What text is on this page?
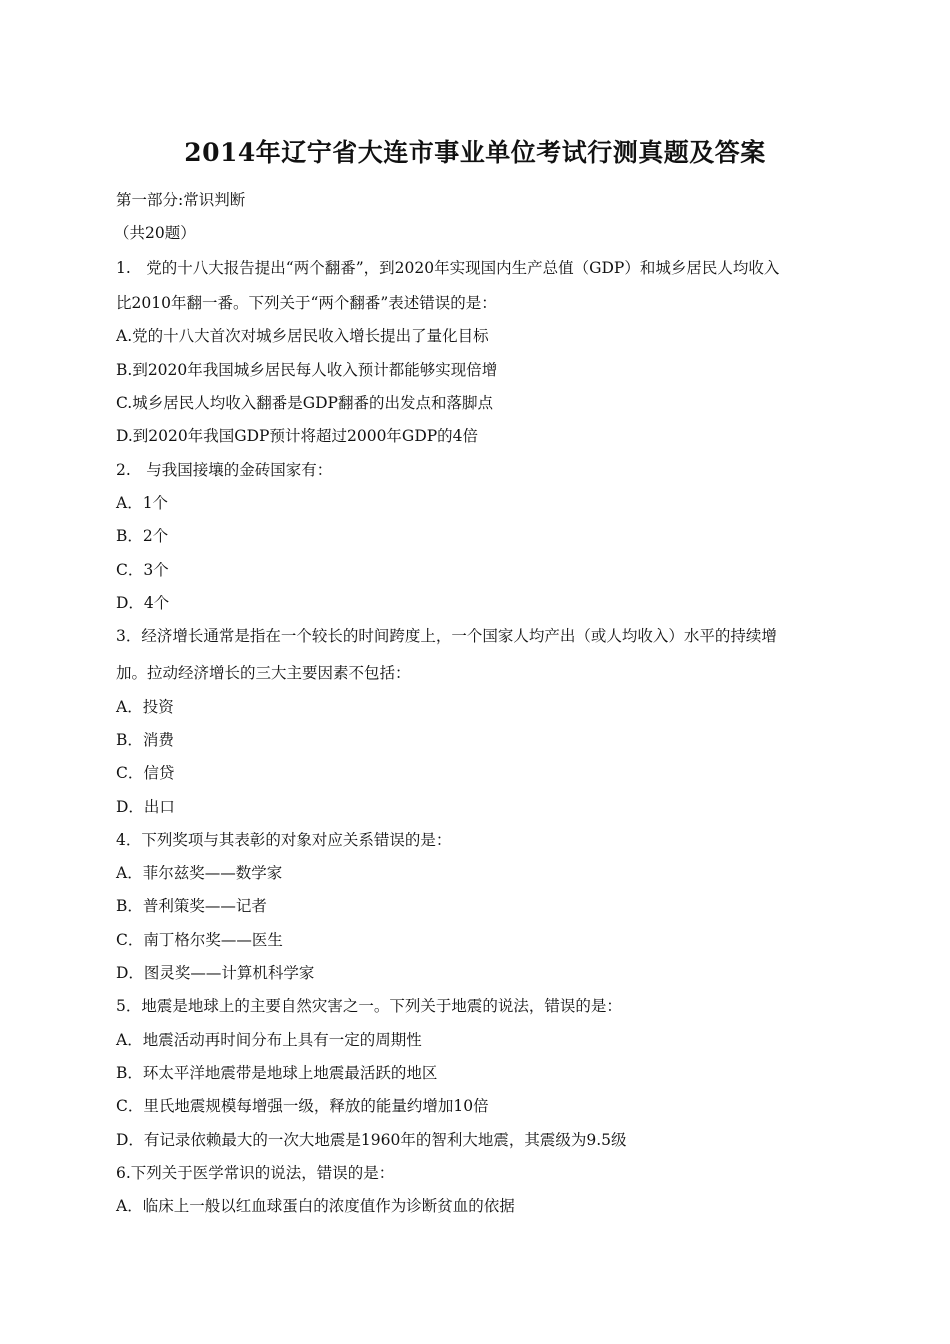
2014年辽宁省大连市事业单位考试行测真题及答案
第一部分:常识判断
（共20题）
1.　党的十八大报告提出“两个翻番”，到2020年实现国内生产总值（GDP）和城乡居民人均收入
比2010年翻一番。下列关于“两个翻番”表述错误的是：
A.党的十八大首次对城乡居民收入增长提出了量化目标
B.到2020年我国城乡居民每人收入预计都能够实现倍增
C.城乡居民人均收入翻番是GDP翻番的出发点和落脚点
D.到2020年我国GDP预计将超过2000年GDP的4倍
2.　与我国接壤的金砖国家有：
A．1个
B．2个
C．3个
D．4个
3．经济增长通常是指在一个较长的时间跨度上，一个国家人均产出（或人均收入）水平的持续增
加。拉动经济增长的三大主要因素不包括：
A．投资
B．消费
C．信贷
D．出口
4．下列奖项与其表彰的对象对应关系错误的是：
A．菲尔兹奖——数学家
B．普利策奖——记者
C．南丁格尔奖——医生
D．图灵奖——计算机科学家
5．地震是地球上的主要自然灾害之一。下列关于地震的说法，错误的是：
A．地震活动再时间分布上具有一定的周期性
B．环太平洋地震带是地球上地震最活跃的地区
C．里氏地震规模每增强一级，释放的能量约增加10倍
D．有记录依赖最大的一次大地震是1960年的智利大地震，其震级为9.5级
6.下列关于医学常识的说法，错误的是：
A．临床上一般以红血球蛋白的浓度值作为诊断贫血的依据
